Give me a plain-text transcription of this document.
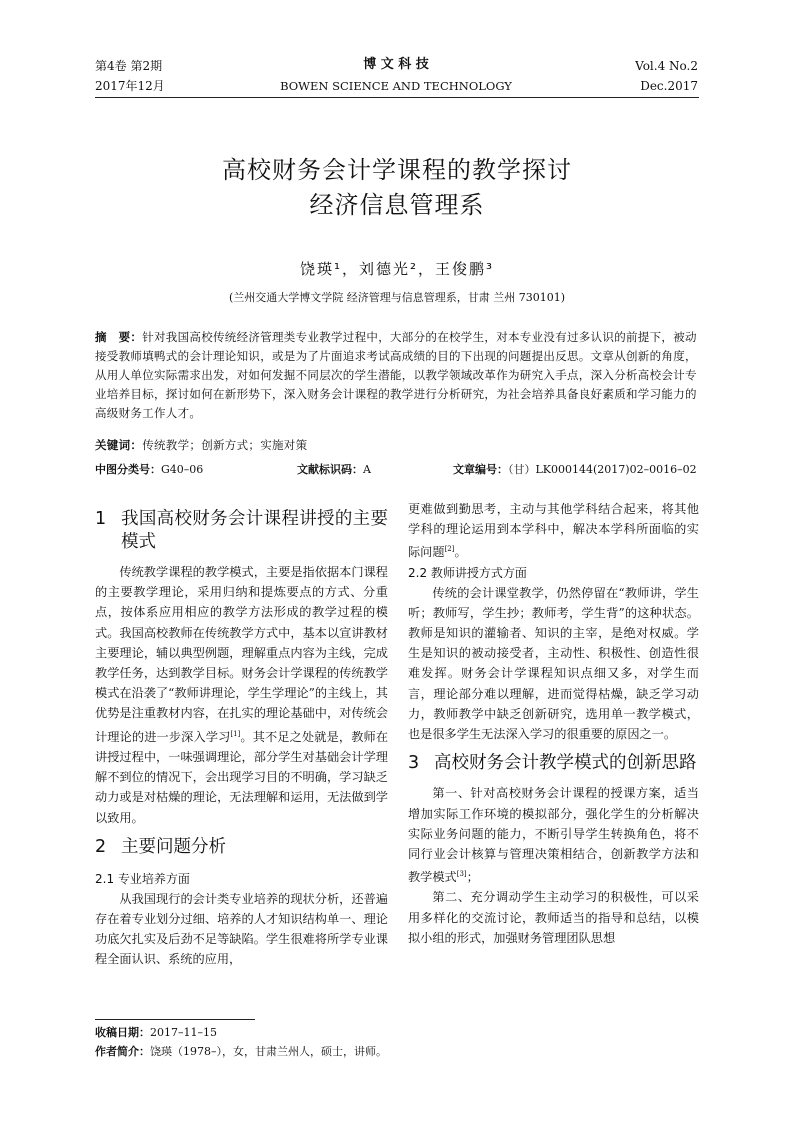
第4卷 第2期
2017年12月
博 文 科 技
BOWEN SCIENCE AND TECHNOLOGY
Vol.4 No.2
Dec.2017
高校财务会计学课程的教学探讨
经济信息管理系
饶瑛¹，刘德光²，王俊鹏³
(兰州交通大学博文学院 经济管理与信息管理系，甘肃 兰州 730101)
摘　要：针对我国高校传统经济管理类专业教学过程中，大部分的在校学生，对本专业没有过多认识的前提下，被动接受教师填鸭式的会计理论知识，或是为了片面追求考试高成绩的目的下出现的问题提出反思。文章从创新的角度，从用人单位实际需求出发，对如何发掘不同层次的学生潜能，以教学领域改革作为研究入手点，深入分析高校会计专业培养目标，探讨如何在新形势下，深入财务会计课程的教学进行分析研究，为社会培养具备良好素质和学习能力的高级财务工作人才。
关键词：传统教学；创新方式；实施对策
中图分类号：G40–06	文献标识码：A	文章编号：（甘）LK000144(2017)02–0016–02
1 我国高校财务会计课程讲授的主要模式

传统教学课程的教学模式，主要是指依据本门课程的主要教学理论，采用归纳和提炼要点的方式、分重点，按体系应用相应的教学方法形成的教学过程的模式。我国高校教师在传统教学方式中，基本以宣讲教材主要理论，辅以典型例题，理解重点内容为主线，完成教学任务，达到教学目标。财务会计学课程的传统教学模式在沿袭了“教师讲理论，学生学理论”的主线上，其优势是注重教材内容，在扎实的理论基础中，对传统会计理论的进一步深入学习[1]。其不足之处就是，教师在讲授过程中，一味强调理论，部分学生对基础会计学理解不到位的情况下，会出现学习目的不明确，学习缺乏动力或是对枯燥的理论，无法理解和运用，无法做到学以致用。

2 主要问题分析
2.1 专业培养方面

从我国现行的会计类专业培养的现状分析，还普遍存在着专业划分过细、培养的人才知识结构单一、理论功底欠扎实及后劲不足等缺陷。学生很难将所学专业课程全面认识、系统的应用，

更难做到勤思考，主动与其他学科结合起来，将其他学科的理论运用到本学科中，解决本学科所面临的实际问题[2]。

2.2 教师讲授方式方面

传统的会计课堂教学，仍然停留在“教师讲，学生听；教师写，学生抄；教师考，学生背”的这种状态。教师是知识的灌输者、知识的主宰，是绝对权威。学生是知识的被动接受者，主动性、积极性、创造性很难发挥。财务会计学课程知识点细又多，对学生而言，理论部分难以理解，进而觉得枯燥，缺乏学习动力，教师教学中缺乏创新研究，选用单一教学模式，也是很多学生无法深入学习的很重要的原因之一。

3 高校财务会计教学模式的创新思路

第一、针对高校财务会计课程的授课方案，适当增加实际工作环境的模拟部分，强化学生的分析解决实际业务问题的能力，不断引导学生转换角色，将不同行业会计核算与管理决策相结合，创新教学方法和教学模式[3]；

第二、充分调动学生主动学习的积极性，可以采用多样化的交流讨论，教师适当的指导和总结，以模拟小组的形式，加强财务管理团队思想

收稿日期：2017–11–15
作者简介：饶瑛（1978–），女，甘肃兰州人，硕士，讲师。
